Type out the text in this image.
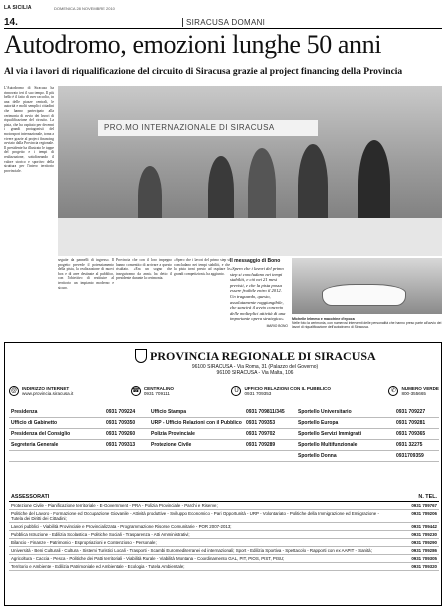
LA SICILIA	DOMENICA 28 NOVEMBRE 2010
14.	SIRACUSA DOMANI
Autodromo, emozioni lunghe 50 anni
Al via i lavori di riqualificazione del circuito di Siracusa grazie al project financing della Provincia
L'Autodromo di Siracusa ha rinnovato ieri il suo tempo. Il più bello è il fatto di aver raccolto, in una delle piazze centrali, le autorità e molti semplici cittadini che hanno partecipato alla cerimonia di avvio dei lavori di riqualificazione del circuito. La pista, che ha ospitato per decenni i grandi protagonisti del motorsport internazionale, torna a vivere grazie al project financing avviato dalla Provincia regionale. Il presidente ha illustrato le tappe del progetto e i tempi di realizzazione, sottolineando il valore storico e sportivo della struttura per l'intero territorio provinciale.
PRO.MO INTERNAZIONALE DI SIRACUSA
seguite da pannelli di ingresso. Il progetto prevede il potenziamento della pista, la realizzazione di nuovi box e di aree destinate al pubblico, con l'obiettivo di restituire al territorio un impianto moderno e sicuro.
Provincia che con il loro impegno hanno consentito di arrivare a questo risultato. «Era un sogno che inseguivamo da anni» ha detto il presidente durante la cerimonia.
«Spero che i lavori del primo step si concludano nei tempi stabiliti, e che la pista torni presto ad ospitare le grandi competizioni» ha aggiunto.
Il messaggio di Bono
«Spero che i lavori del primo step si concludano nei tempi stabiliti, e ciò nei 21 mesi previsti, e che la pista possa essere fruibile entro il 2012. Un traguardo, questo, assolutamente raggiungibile, che sancirà il avvio concreto delle molteplici attività di una importante opera strategica»
MARIO BONO
Michelle Ielmmo e macchine d'epoca
Nelle foto la cerimonia, con numerosi interventi delle personalità che hanno preso parte all'avvio dei lavori di riqualificazione dell'autodromo di Siracusa.
PROVINCIA REGIONALE DI SIRACUSA
96100 SIRACUSA - Via Roma, 31 (Palazzo del Governo)
96100 SIRACUSA - Via Malta, 106
@	INDIRIZZO INTERNET
www.provincia.siracusa.it	☎ CENTRALINO
0931 709111	U	UFFICIO RELAZIONI CON IL PUBBLICO
0931 709353	✆	NUMERO VERDE
800-355665
Presidenza	0931 709224	Ufficio Stampa	0931 709811/345	Sportello Universitario	0931 709227
Ufficio di Gabinetto	0931 709350	URP - Ufficio Relazioni con il Pubblico 0931 709353	Sportello Europa	0931 709281
Presidenza del Consiglio	0931 709260	Polizia Provinciale	0931 709702	Sportello Servizi Immigrati	0931 709365
Segreteria Generale	0931 709313	Protezione Civile	0931 709289	Sportello Multifunzionale	0931 32275
Sportello Donna	0931709359
ASSESSORATI	N. TEL.
Protezione Civile - Pianificazione territoriale - E-Government - PRA - Polizia Provinciale - Parchi e Riserve;	0931 709767
Politiche del Lavoro - Formazione ed Occupazione Giovanile - Attività produttive - Sviluppo Economico - Pari Opportunità - URP - Volontariato - Politiche della Immigrazione ed Emigrazione - Tutela dei Diritti dei Cittadini;
0931 709206
Lavori pubblici - Viabilità Provinciale e Provincializzata - Programmazione Risorse Comunitarie - POR 2007-2013;	0931 709442
Pubblica Istruzione - Edilizia Scolastica - Politiche Sociali - Trasparenza - Atti Amministrativi;	0931 709230
Bilancio - Finanze - Patrimonio - Espropriazioni e Contenzioso - Personale;	0931 709290
Università - Beni Culturali - Cultura - Sistemi Turistici Locali - Trasporti - Scambi Euromediterranei ed internazionali; Sport - Edilizia Sportiva - Spettacolo - Rapporti con ex AAPIT - Sanità;	0931 709286
Agricoltura - Caccia - Pesca - Politiche dei Patti territoriali - Viabilità Rurale - Viabilità Montana - Coordinamento GAL, PIT, PIOS, PIST, PISU;	0931 709305
Territorio e Ambiente - Edilizia Patrimoniale ed Ambientale - Ecologia - Tutela Ambientale;	0931 709320
